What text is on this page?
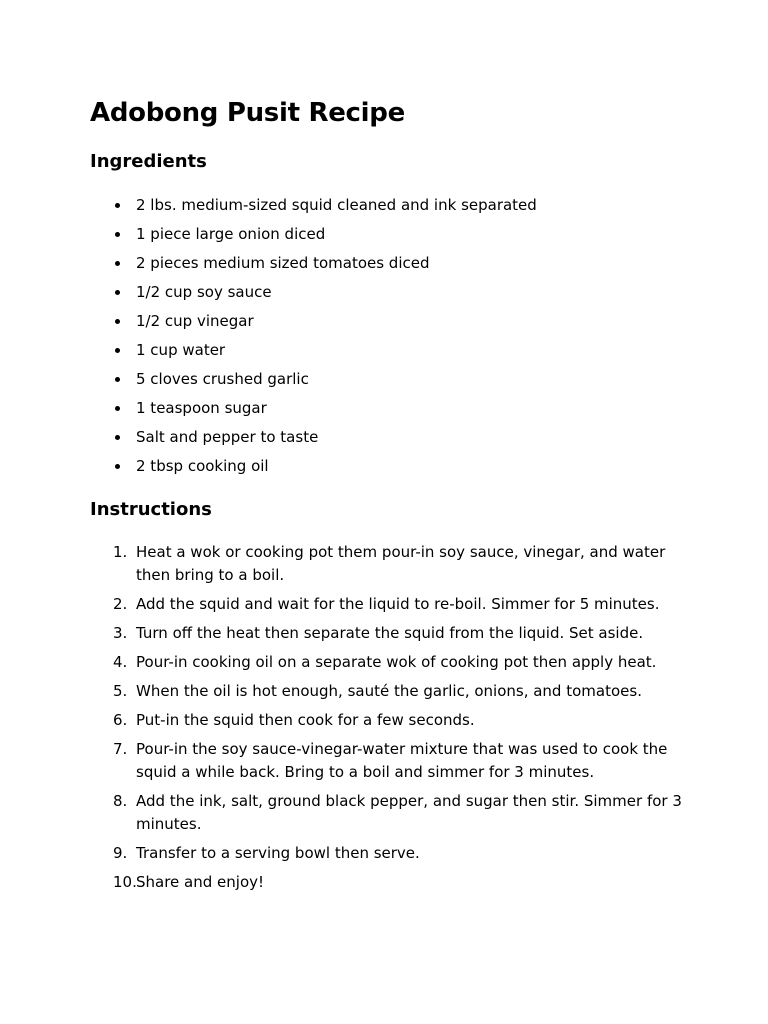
Adobong Pusit Recipe
Ingredients
2 lbs. medium-sized squid cleaned and ink separated
1 piece large onion diced
2 pieces medium sized tomatoes diced
1/2 cup soy sauce
1/2 cup vinegar
1 cup water
5 cloves crushed garlic
1 teaspoon sugar
Salt and pepper to taste
2 tbsp cooking oil
Instructions
1. Heat a wok or cooking pot them pour-in soy sauce, vinegar, and water then bring to a boil.
2. Add the squid and wait for the liquid to re-boil. Simmer for 5 minutes.
3. Turn off the heat then separate the squid from the liquid. Set aside.
4. Pour-in cooking oil on a separate wok of cooking pot then apply heat.
5. When the oil is hot enough, sauté the garlic, onions, and tomatoes.
6. Put-in the squid then cook for a few seconds.
7. Pour-in the soy sauce-vinegar-water mixture that was used to cook the squid a while back. Bring to a boil and simmer for 3 minutes.
8. Add the ink, salt, ground black pepper, and sugar then stir. Simmer for 3 minutes.
9. Transfer to a serving bowl then serve.
10. Share and enjoy!
